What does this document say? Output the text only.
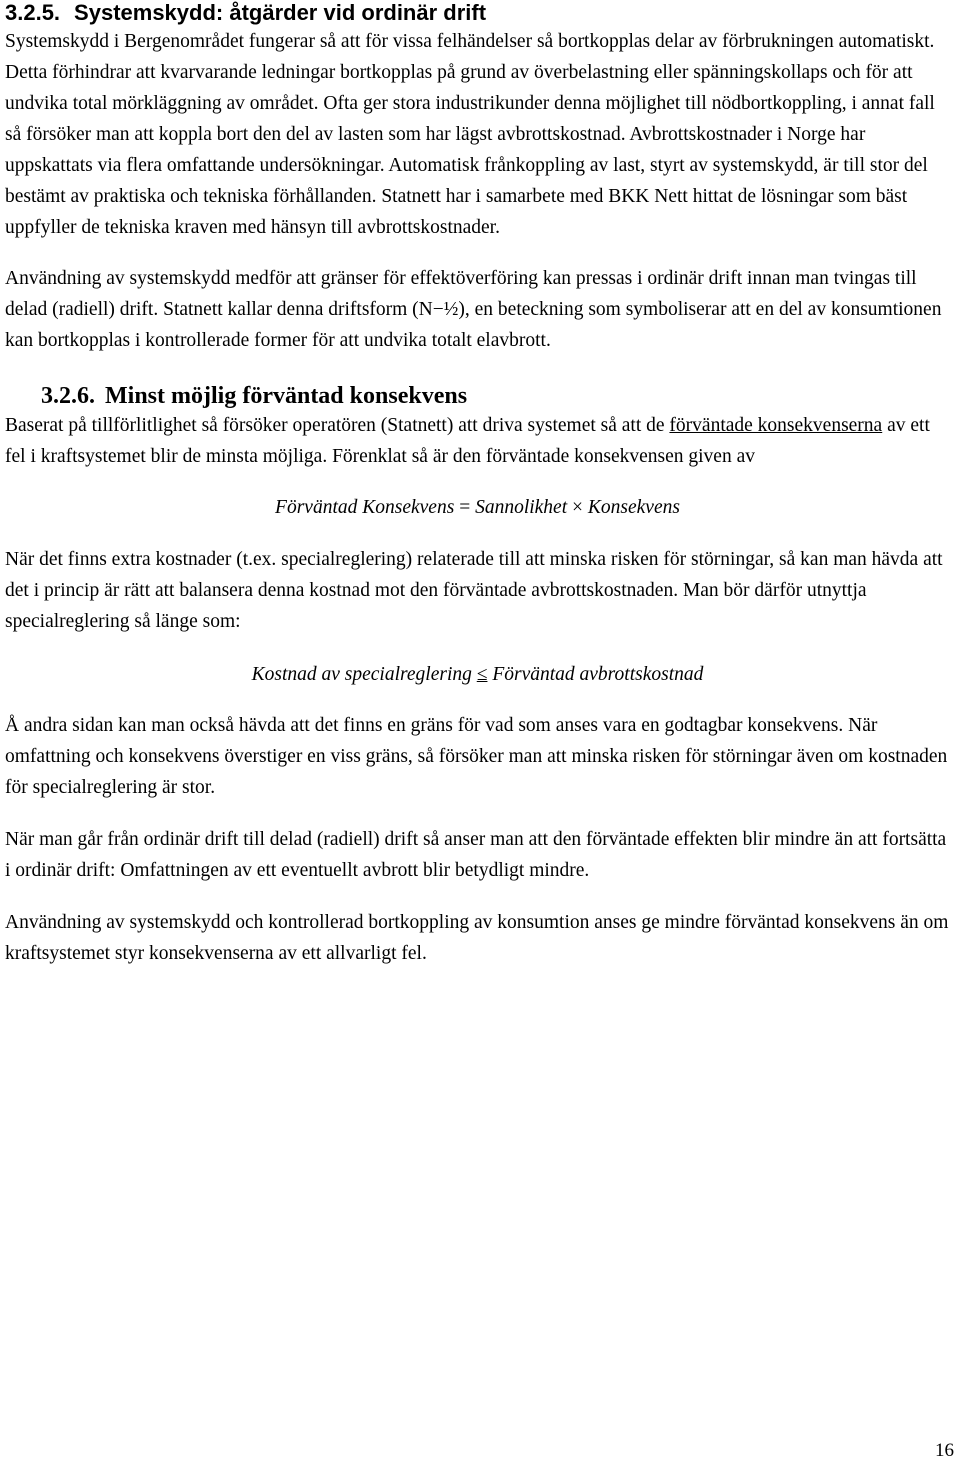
3.2.5. Systemskydd: åtgärder vid ordinär drift

Systemskydd i Bergenområdet fungerar så att för vissa felhändelser så bortkopplas delar av förbrukningen automatiskt. Detta förhindrar att kvarvarande ledningar bortkopplas på grund av överbelastning eller spänningskollaps och för att undvika total mörkläggning av området. Ofta ger stora industrikunder denna möjlighet till nödbortkoppling, i annat fall så försöker man att koppla bort den del av lasten som har lägst avbrottskostnad. Avbrottskostnader i Norge har uppskattats via flera omfattande undersökningar. Automatisk frånkoppling av last, styrt av systemskydd, är till stor del bestämt av praktiska och tekniska förhållanden. Statnett har i samarbete med BKK Nett hittat de lösningar som bäst uppfyller de tekniska kraven med hänsyn till avbrottskostnader.

Användning av systemskydd medför att gränser för effektöverföring kan pressas i ordinär drift innan man tvingas till delad (radiell) drift. Statnett kallar denna driftsform (N−½), en beteckning som symboliserar att en del av konsumtionen kan bortkopplas i kontrollerade former för att undvika totalt elavbrott.

3.2.6. Minst möjlig förväntad konsekvens

Baserat på tillförlitlighet så försöker operatören (Statnett) att driva systemet så att de förväntade konsekvenserna av ett fel i kraftsystemet blir de minsta möjliga. Förenklat så är den förväntade konsekvensen given av

Förväntad Konsekvens = Sannolikhet × Konsekvens

När det finns extra kostnader (t.ex. specialreglering) relaterade till att minska risken för störningar, så kan man hävda att det i princip är rätt att balansera denna kostnad mot den förväntade avbrottskostnaden. Man bör därför utnyttja specialreglering så länge som:

Kostnad av specialreglering ≤ Förväntad avbrottskostnad

Å andra sidan kan man också hävda att det finns en gräns för vad som anses vara en godtagbar konsekvens. När omfattning och konsekvens överstiger en viss gräns, så försöker man att minska risken för störningar även om kostnaden för specialreglering är stor.

När man går från ordinär drift till delad (radiell) drift så anser man att den förväntade effekten blir mindre än att fortsätta i ordinär drift: Omfattningen av ett eventuellt avbrott blir betydligt mindre.

Användning av systemskydd och kontrollerad bortkoppling av konsumtion anses ge mindre förväntad konsekvens än om kraftsystemet styr konsekvenserna av ett allvarligt fel.

16
